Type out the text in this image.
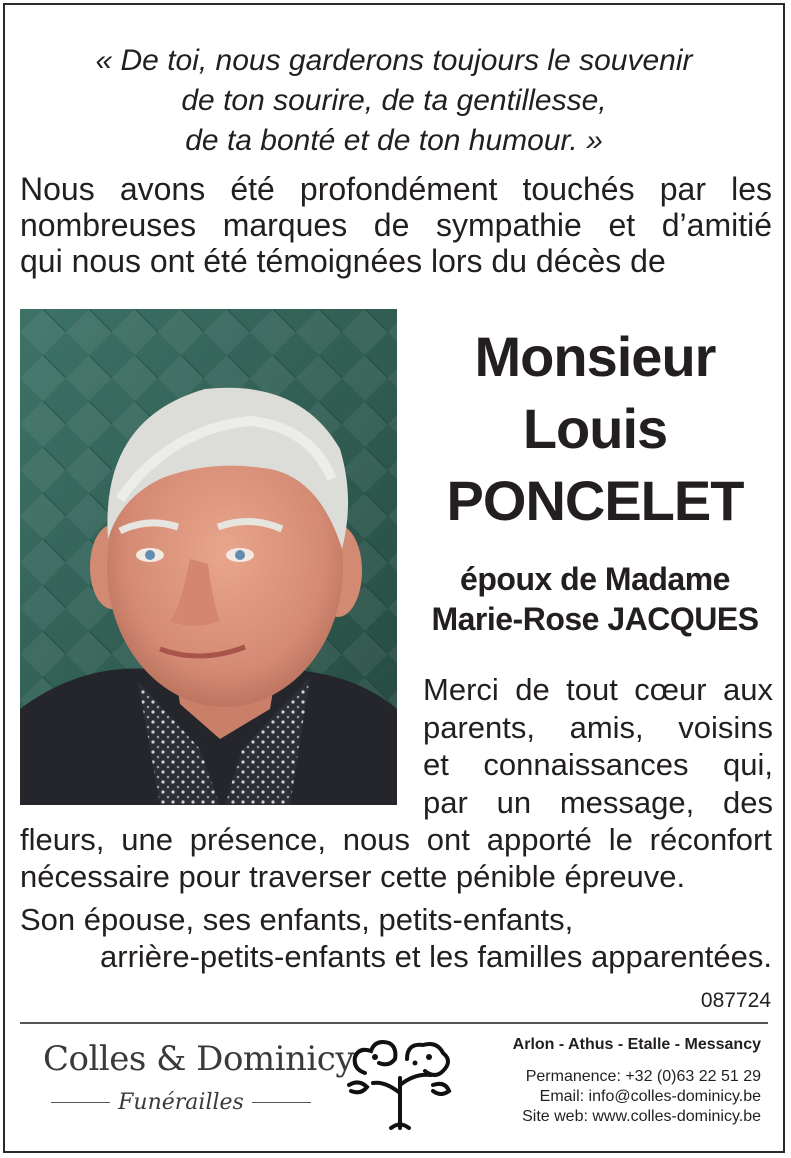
« De toi, nous garderons toujours le souvenir
de ton sourire, de ta gentillesse,
de ta bonté et de ton humour. »
Nous avons été profondément touchés par les
nombreuses marques de sympathie et d’amitié
qui nous ont été témoignées lors du décès de
Monsieur
Louis
PONCELET
époux de Madame
Marie-Rose JACQUES
Merci de tout cœur aux
parents, amis, voisins
et connaissances qui,
par un message, des
fleurs, une présence, nous ont apporté le réconfort
nécessaire pour traverser cette pénible épreuve.
Son épouse, ses enfants, petits-enfants,
arrière-petits-enfants et les familles apparentées.
087724
Colles & Dominicy
Funérailles
Arlon - Athus - Etalle - Messancy
Permanence: +32 (0)63 22 51 29
Email: info@colles-dominicy.be
Site web: www.colles-dominicy.be
